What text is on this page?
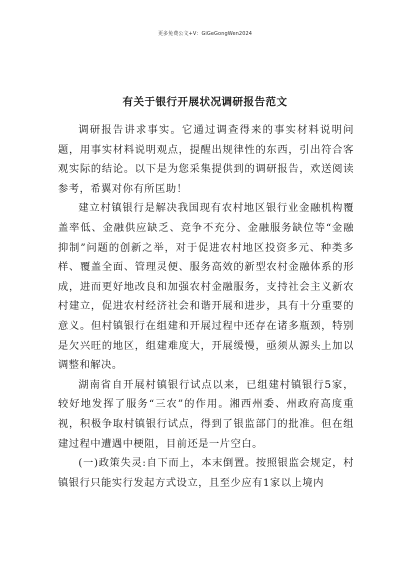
更多免费公文+V：GiGeGongWen2024
有关于银行开展状况调研报告范文

调研报告讲求事实。它通过调查得来的事实材料说明问题，用事实材料说明观点，提醒出规律性的东西，引出符合客观实际的结论。以下是为您采集提供到的调研报告，欢送阅读参考，希翼对你有所匡助！

建立村镇银行是解决我国现有农村地区银行业金融机构覆盖率低、金融供应缺乏、竞争不充分、金融服务缺位等“金融抑制”问题的创新之举，对于促进农村地区投资多元、种类多样、覆盖全面、管理灵便、服务高效的新型农村金融体系的形成，进而更好地改良和加强农村金融服务，支持社会主义新农村建立，促进农村经济社会和谐开展和进步，具有十分重要的意义。但村镇银行在组建和开展过程中还存在诸多瓶颈，特别是欠兴旺的地区，组建难度大，开展缓慢，亟须从源头上加以调整和解决。

湖南省自开展村镇银行试点以来，已组建村镇银行5家，较好地发挥了服务“三农”的作用。湘西州委、州政府高度重视，积极争取村镇银行试点，得到了银监部门的批准。但在组建过程中遭遇中梗阻，目前还是一片空白。

(一)政策失灵:自下而上，本末倒置。按照银监会规定，村镇银行只能实行发起方式设立，且至少应有1家以上境内
